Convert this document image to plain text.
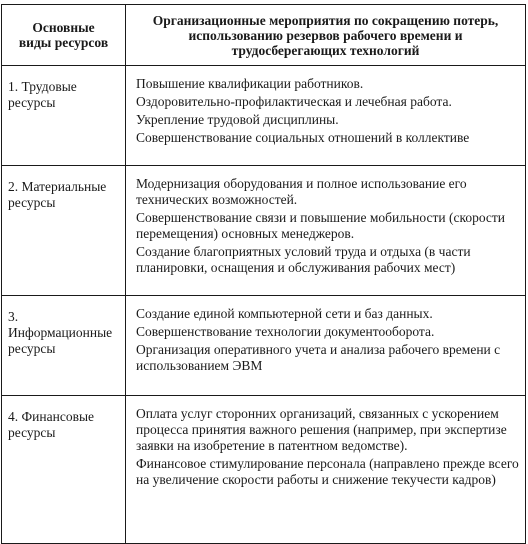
Основные виды ресурсов	Организационные мероприятия по сокращению потерь, использованию резервов рабочего времени и трудосберегающих технологий

1. Трудовые ресурсы	Повышение квалификации работников.
Оздоровительно-профилактическая и лечебная работа.
Укрепление трудовой дисциплины.
Совершенствование социальных отношений в коллективе

2. Материальные ресурсы	Модернизация оборудования и полное использование его технических возможностей.
Совершенствование связи и повышение мобильности (скорости перемещения) основных менеджеров.
Создание благоприятных условий труда и отдыха (в части планировки, оснащения и обслуживания рабочих мест)

3. Информационные ресурсы	Создание единой компьютерной сети и баз данных.
Совершенствование технологии документооборота.
Организация оперативного учета и анализа рабочего времени с использованием ЭВМ

4. Финансовые ресурсы	Оплата услуг сторонних организаций, связанных с ускорением процесса принятия важного решения (например, при экспертизе заявки на изобретение в патентном ведомстве).
Финансовое стимулирование персонала (направлено прежде всего на увеличение скорости работы и снижение текучести кадров)
